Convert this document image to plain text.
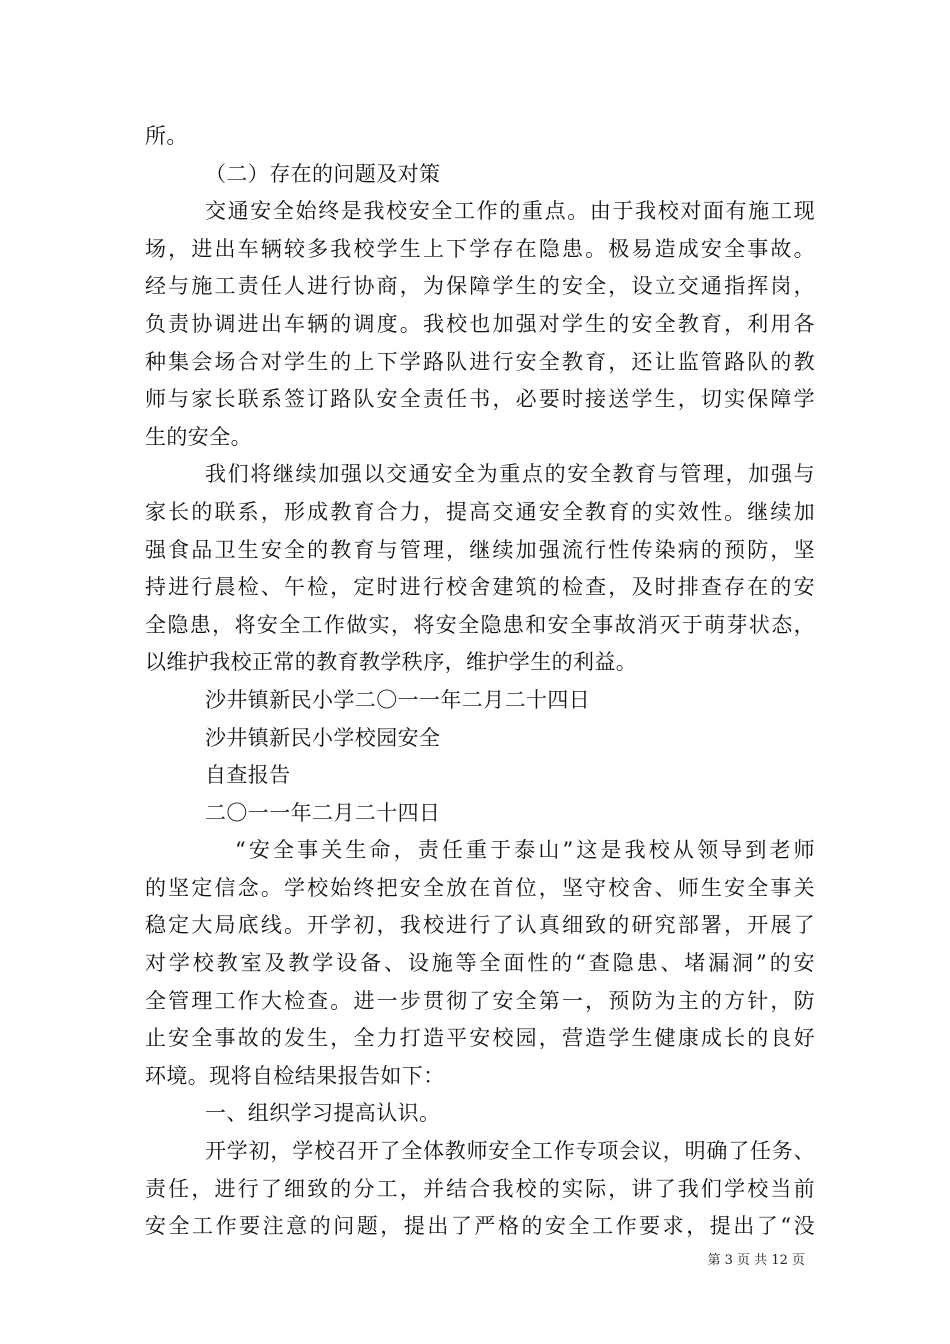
所。
（二）存在的问题及对策
交通安全始终是我校安全工作的重点。由于我校对面有施工现
场，进出车辆较多我校学生上下学存在隐患。极易造成安全事故。
经与施工责任人进行协商，为保障学生的安全，设立交通指挥岗，
负责协调进出车辆的调度。我校也加强对学生的安全教育，利用各
种集会场合对学生的上下学路队进行安全教育，还让监管路队的教
师与家长联系签订路队安全责任书，必要时接送学生，切实保障学
生的安全。
我们将继续加强以交通安全为重点的安全教育与管理，加强与
家长的联系，形成教育合力，提高交通安全教育的实效性。继续加
强食品卫生安全的教育与管理，继续加强流行性传染病的预防，坚
持进行晨检、午检，定时进行校舍建筑的检查，及时排查存在的安
全隐患，将安全工作做实，将安全隐患和安全事故消灭于萌芽状态，
以维护我校正常的教育教学秩序，维护学生的利益。
沙井镇新民小学二〇一一年二月二十四日
沙井镇新民小学校园安全
自查报告
二〇一一年二月二十四日
“安全事关生命，责任重于泰山”这是我校从领导到老师
的坚定信念。学校始终把安全放在首位，坚守校舍、师生安全事关
稳定大局底线。开学初，我校进行了认真细致的研究部署，开展了
对学校教室及教学设备、设施等全面性的“查隐患、堵漏洞”的安
全管理工作大检查。进一步贯彻了安全第一，预防为主的方针，防
止安全事故的发生，全力打造平安校园，营造学生健康成长的良好
环境。现将自检结果报告如下：
一、组织学习提高认识。
开学初，学校召开了全体教师安全工作专项会议，明确了任务、
责任，进行了细致的分工，并结合我校的实际，讲了我们学校当前
安全工作要注意的问题，提出了严格的安全工作要求，提出了“没
第 3 页 共 12 页
